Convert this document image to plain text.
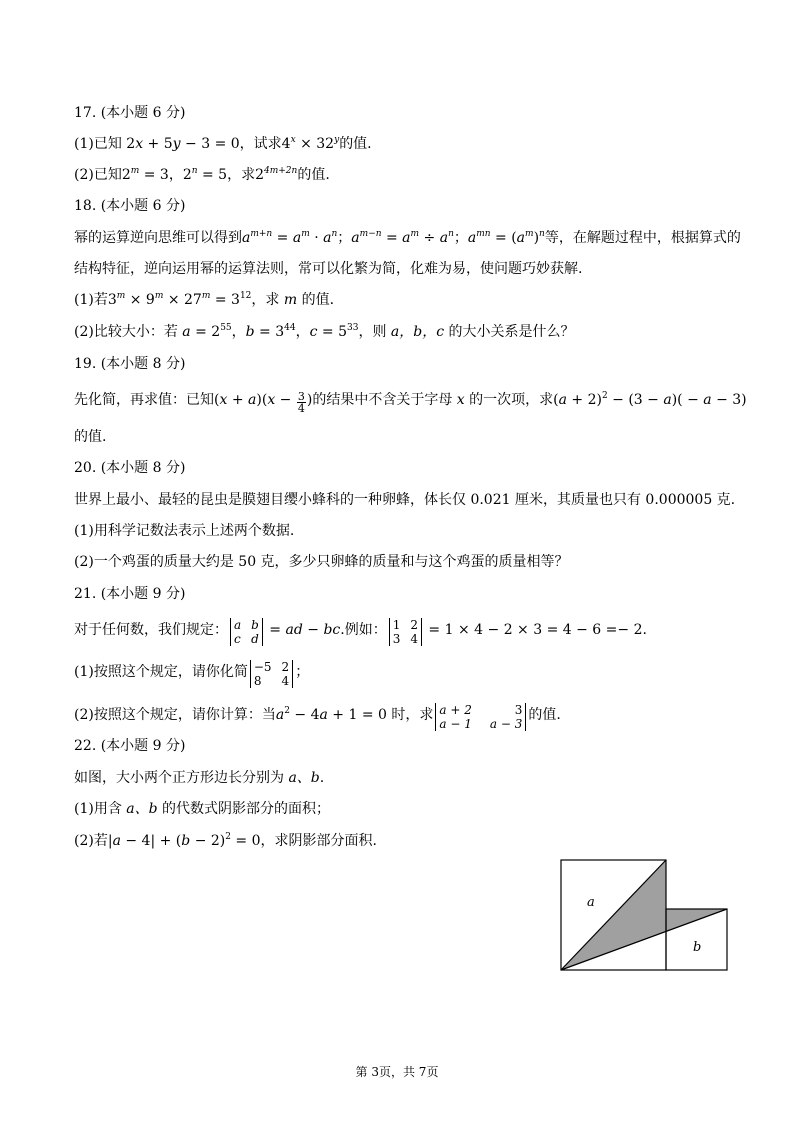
17. (本小题 6 分)
(1)已知 2x + 5y − 3 = 0，试求$4^x \times 32^y$的值.
(2)已知$2^m = 3$，$2^n = 5$，求$2^{4m+2n}$的值.
18. (本小题 6 分)
幂的运算逆向思维可以得到$a^{m+n} = a^m \cdot a^n$；$a^{m-n} = a^m \div a^n$；$a^{mn} = (a^m)^n$等，在解题过程中，根据算式的
结构特征，逆向运用幂的运算法则，常可以化繁为简，化难为易，使问题巧妙获解.
(1)若$3^m \times 9^m \times 27^m = 3^{12}$，求 m 的值.
(2)比较大小：若 $a = 2^{55}$，$b = 3^{44}$，$c = 5^{33}$，则 a，b，c 的大小关系是什么？
19. (本小题 8 分)
先化简，再求值：已知$(x + a)(x - \frac{3}{4}$ )的结果中不含关于字母 x 的一次项，求$(a + 2)^2 - (3 - a)( - a - 3)$
的值.
20. (本小题 8 分)
世界上最小、最轻的昆虫是膜翅目缨小蜂科的一种卵蜂，体长仅 0.021 厘米，其质量也只有 0.000005 克.
(1)用科学记数法表示上述两个数据.
(2)一个鸡蛋的质量大约是 50 克，多少只卵蜂的质量和与这个鸡蛋的质量相等？
21. (本小题 9 分)
对于任何数，我们规定： a b
c d
= ad − bc.例如： 1 2
3 4
= 1 × 4 − 2 × 3 = 4 − 6 =− 2.
(1)按照这个规定，请你化简 −5 2
8 4
；
(2)按照这个规定，请你计算：当$a^2 - 4a + 1 = 0$ 时，求 a + 2	3
a − 1 a − 3
的值.
22. (本小题 9 分)
如图，大小两个正方形边长分别为 a、b.
(1)用含 a、b 的代数式阴影部分的面积；
(2)若$|a - 4| + (b - 2)^2 = 0$，求阴影部分面积.
a
b
第 3页，共 7页
